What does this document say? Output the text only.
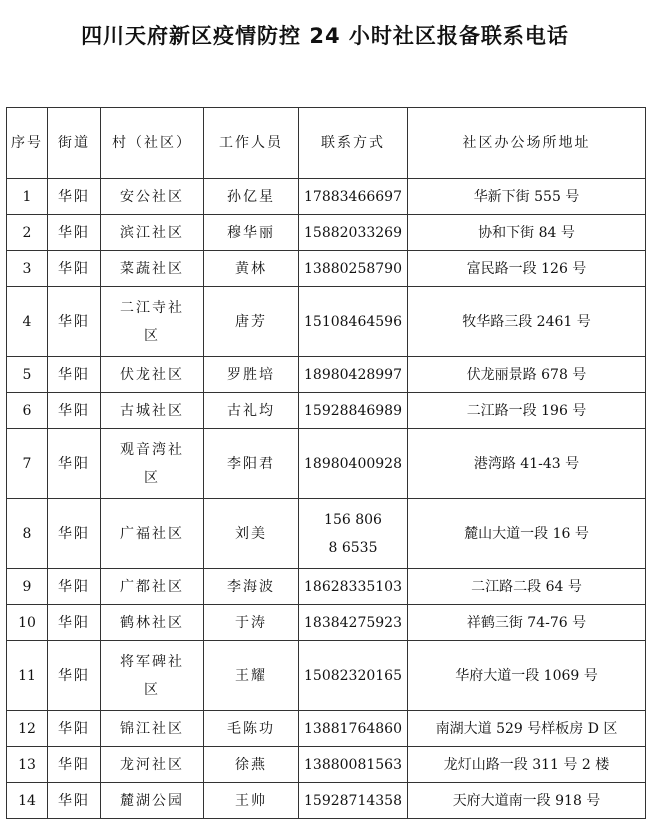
四川天府新区疫情防控 24 小时社区报备联系电话
序号	街道	村（社区）	工作人员	联系方式	社区办公场所地址
1	华阳	安公社区	孙亿星	17883466697	华新下街 555 号
2	华阳	滨江社区	穆华丽	15882033269	协和下街 84 号
3	华阳	菜蔬社区	黄林	13880258790	富民路一段 126 号
4	华阳	二江寺社区	唐芳	15108464596	牧华路三段 2461 号
5	华阳	伏龙社区	罗胜培	18980428997	伏龙丽景路 678 号
6	华阳	古城社区	古礼均	15928846989	二江路一段 196 号
7	华阳	观音湾社区	李阳君	18980400928	港湾路 41-43 号
8	华阳	广福社区	刘美	156 8068 6535	麓山大道一段 16 号
9	华阳	广都社区	李海波	18628335103	二江路二段 64 号
10	华阳	鹤林社区	于涛	18384275923	祥鹤三街 74-76 号
11	华阳	将军碑社区	王耀	15082320165	华府大道一段 1069 号
12	华阳	锦江社区	毛陈功	13881764860	南湖大道 529 号样板房 D 区
13	华阳	龙河社区	徐燕	13880081563	龙灯山路一段 311 号 2 楼
14	华阳	麓湖公园	王帅	15928714358	天府大道南一段 918 号
